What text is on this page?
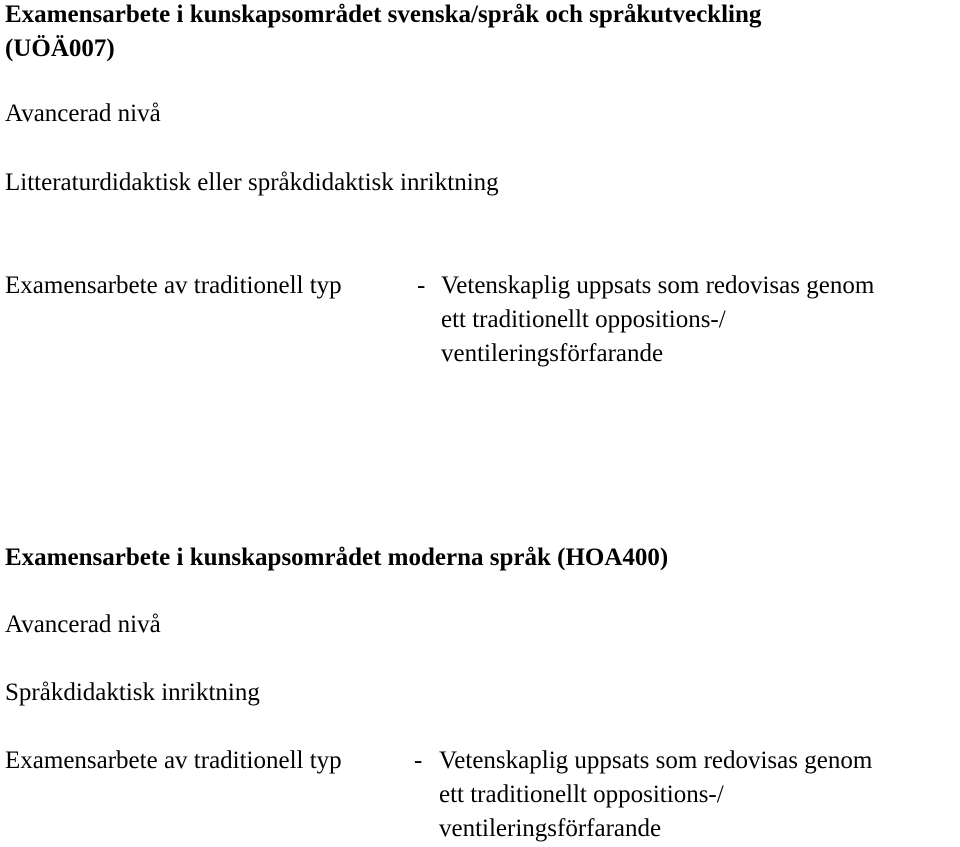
Examensarbete i kunskapsområdet svenska/språk och språkutveckling

(UÖÄ007)

Avancerad nivå

Litteraturdidaktisk eller språkdidaktisk inriktning

Examensarbete av traditionell typ	- Vetenskaplig uppsats som redovisas genom
ett traditionellt oppositions-/
ventileringsförfarande

Examensarbete i kunskapsområdet moderna språk (HOA400)

Avancerad nivå

Språkdidaktisk inriktning

Examensarbete av traditionell typ	- Vetenskaplig uppsats som redovisas genom
ett traditionellt oppositions-/
ventileringsförfarande
